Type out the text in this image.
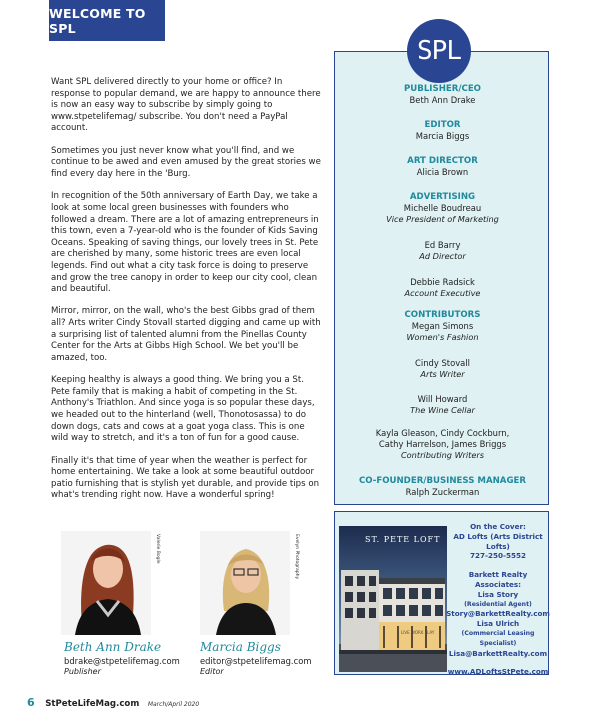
WELCOME TO SPL

Want SPL delivered directly to your home or office? In response to popular demand, we are happy to announce there is now an easy way to subscribe by simply going to www.stpetelifemag/ subscribe. You don't need a PayPal account.

Sometimes you just never know what you'll find, and we continue to be awed and even amused by the great stories we find every day here in the 'Burg.

In recognition of the 50th anniversary of Earth Day, we take a look at some local green businesses with founders who followed a dream. There are a lot of amazing entrepreneurs in this town, even a 7-year-old who is the founder of Kids Saving Oceans. Speaking of saving things, our lovely trees in St. Pete are cherished by many, some historic trees are even local legends. Find out what a city task force is doing to preserve and grow the tree canopy in order to keep our city cool, clean and beautiful.

Mirror, mirror, on the wall, who's the best Gibbs grad of them all? Arts writer Cindy Stovall started digging and came up with a surprising list of talented alumni from the Pinellas County Center for the Arts at Gibbs High School. We bet you'll be amazed, too.

Keeping healthy is always a good thing. We bring you a St. Pete family that is making a habit of competing in the St. Anthony's Triathlon. And since yoga is so popular these days, we headed out to the hinterland (well, Thonotosassa) to do down dogs, cats and cows at a goat yoga class. This is one wild way to stretch, and it's a ton of fun for a good cause.

Finally it's that time of year when the weather is perfect for home entertaining. We take a look at some beautiful outdoor patio furnishing that is stylish yet durable, and provide tips on what's trending right now. Have a wonderful spring!

PUBLISHER/CEO
Beth Ann Drake
EDITOR
Marcia Biggs
ART DIRECTOR
Alicia Brown
ADVERTISING
Michelle Boudreau
Vice President of Marketing
Ed Barry
Ad Director
Debbie Radsick
Account Executive
CONTRIBUTORS
Megan Simons
Women's Fashion
Cindy Stovall
Arts Writer
Will Howard
The Wine Cellar
Kayla Gleason, Cindy Cockburn,
Cathy Harrelson, James Briggs
Contributing Writers
CO-FOUNDER/BUSINESS MANAGER
Ralph Zuckerman
SPL
ST. PETE LOFT
LIVE WORK PLAY
On the Cover:
AD Lofts (Arts District Lofts)
727-250-5552
Barkett Realty Associates:
Lisa Story
(Residential Agent)
Story@BarkettRealty.com
Lisa Ulrich
(Commercial Leasing Specialist)
Lisa@BarkettRealty.com
www.ADLoftsStPete.com
Valerie Bogle
Beth Ann Drake
bdrake@stpetelifemag.com
Publisher
Evelyn Photography
Marcia Biggs
editor@stpetelifemag.com
Editor
6 StPeteLifeMag.com March/April 2020
